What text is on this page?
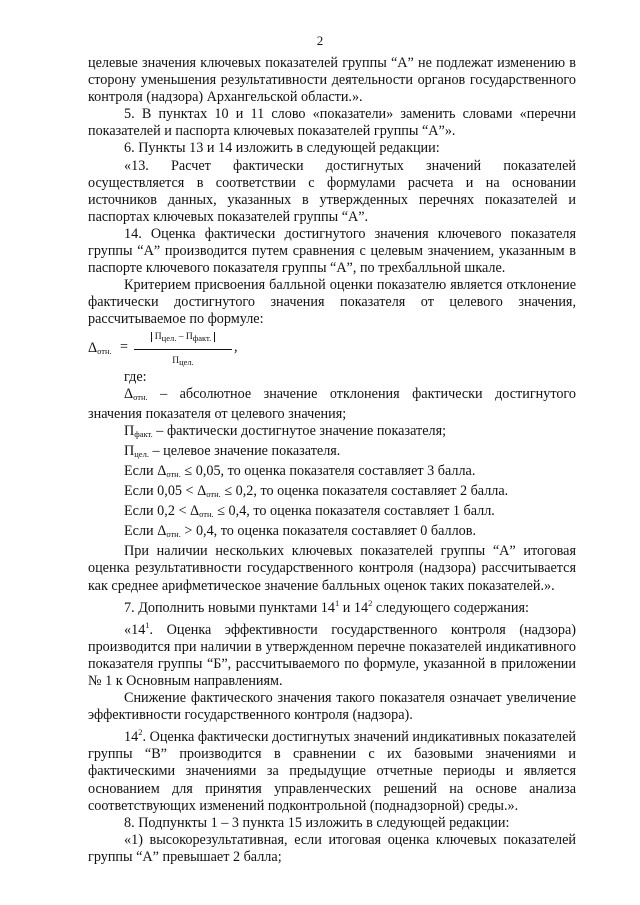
2

целевые значения ключевых показателей группы “А” не подлежат изменению в сторону уменьшения результативности деятельности органов государственного контроля (надзора) Архангельской области.».

5. В пунктах 10 и 11 слово «показатели» заменить словами «перечни показателей и паспорта ключевых показателей группы “А”».

6. Пункты 13 и 14 изложить в следующей редакции:

«13. Расчет фактически достигнутых значений показателей осуществляется в соответствии с формулами расчета и на основании источников данных, указанных в утвержденных перечнях показателей и паспортах ключевых показателей группы “А”.

14. Оценка фактически достигнутого значения ключевого показателя группы “А” производится путем сравнения с целевым значением, указанным в паспорте ключевого показателя группы “А”, по трехбалльной шкале.

Критерием присвоения балльной оценки показателю является отклонение фактически достигнутого значения показателя от целевого значения, рассчитываемое по формуле:

$\Delta_{отн.}$ =
Пцел. – Пфакт.
Пцел.
,

где:

$\Delta_{отн.}$ – абсолютное значение отклонения фактически достигнутого значения показателя от целевого значения;

$П_{факт.}$ – фактически достигнутое значение показателя;

$П_{цел.}$ – целевое значение показателя.

Если $\Delta_{отн.} \le 0,05$, то оценка показателя составляет 3 балла.

Если $0,05 < \Delta_{отн.} \le 0,2$, то оценка показателя составляет 2 балла.

Если $0,2 < \Delta_{отн.} \le 0,4$, то оценка показателя составляет 1 балл.

Если $\Delta_{отн.} > 0,4$, то оценка показателя составляет 0 баллов.

При наличии нескольких ключевых показателей группы “А” итоговая оценка результативности государственного контроля (надзора) рассчитывается как среднее арифметическое значение балльных оценок таких показателей.».

7. Дополнить новыми пунктами $14^1$ и $14^2$ следующего содержания:

«$14^1$. Оценка эффективности государственного контроля (надзора) производится при наличии в утвержденном перечне показателей индикативного показателя группы “Б”, рассчитываемого по формуле, указанной в приложении № 1 к Основным направлениям.

Снижение фактического значения такого показателя означает увеличение эффективности государственного контроля (надзора).

$14^2$. Оценка фактически достигнутых значений индикативных показателей группы “В” производится в сравнении с их базовыми значениями и фактическими значениями за предыдущие отчетные периоды и является основанием для принятия управленческих решений на основе анализа соответствующих изменений подконтрольной (поднадзорной) среды.».

8. Подпункты 1 – 3 пункта 15 изложить в следующей редакции:

«1) высокорезультативная, если итоговая оценка ключевых показателей группы “А” превышает 2 балла;
